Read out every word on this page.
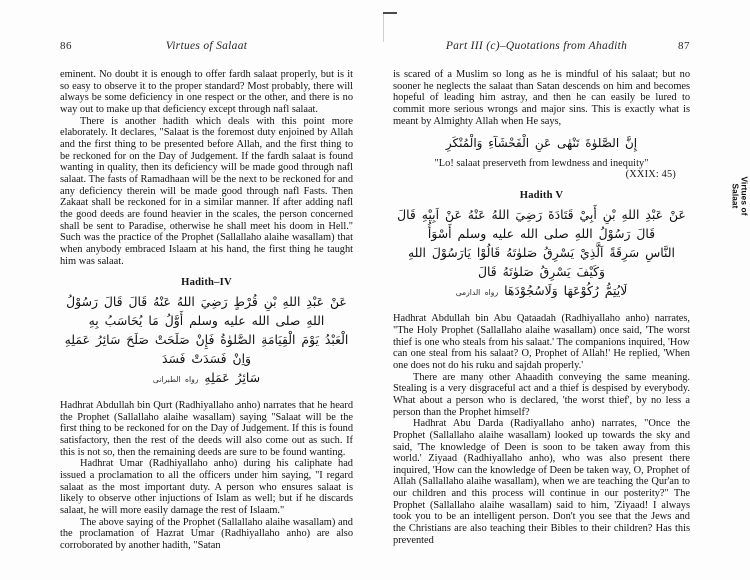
86	Virtues of Salaat

eminent. No doubt it is enough to offer fardh salaat properly, but is it so easy to observe it to the proper standard? Most probably, there will always be some deficiency in one respect or the other, and there is no way out to make up that deficiency except through nafl salaat.

There is another hadith which deals with this point more elaborately. It declares, "Salaat is the foremost duty enjoined by Allah and the first thing to be presented before Allah, and the first thing to be reckoned for on the Day of Judgement. If the fardh salaat is found wanting in quality, then its deficiency will be made good through nafl salaat. The fasts of Ramadhaan will be the next to be reckoned for and any deficiency therein will be made good through nafl Fasts. Then Zakaat shall be reckoned for in a similar manner. If after adding nafl the good deeds are found heavier in the scales, the person concerned shall be sent to Paradise, otherwise he shall meet his doom in Hell." Such was the practice of the Prophet (Sallallaho alaihe wasallam) that when anybody embraced Islaam at his hand, the first thing he taught him was salaat.

Hadith–IV
عَنْ عَبْدِ اللهِ بْنِ قُرْطٍ رَضِيَ اللهُ عَنْهُ قَالَ قَالَ رَسُوْلُ اللهِ صلى الله عليه وسلم أَوَّلُ مَا يُحَاسَبُ بِهِ
الْعَبْدُ يَوْمَ الْقِيَامَةِ الصَّلوٰةُ فَإِنْ صَلَحَتْ صَلَحَ سَائِرُ عَمَلِهِ وَاِنْ فَسَدَتْ فَسَدَ
سَائِرُ عَمَلِهِ رواه الطبرانى

Hadhrat Abdullah bin Qurt (Radhiyallaho anho) narrates that he heard the Prophet (Sallallaho alaihe wasallam) saying "Salaat will be the first thing to be reckoned for on the Day of Judgement. If this is found satisfactory, then the rest of the deeds will also come out as such. If this is not so, then the remaining deeds are sure to be found wanting.

Hadhrat Umar (Radhiyallaho anho) during his caliphate had issued a proclamation to all the officers under him saying, "I regard salaat as the most important duty. A person who ensures salaat is likely to observe other injuctions of Islam as well; but if he discards salaat, he will more easily damage the rest of Islaam."

The above saying of the Prophet (Sallallaho alaihe wasallam) and the proclamation of Hazrat Umar (Radhiyallaho anho) are also corroborated by another hadith, "Satan

Part III (c)–Quotations from Ahadith	87

is scared of a Muslim so long as he is mindful of his salaat; but no sooner he neglects the salaat than Satan descends on him and becomes hopeful of leading him astray, and then he can easily be lured to commit more serious wrongs and major sins. This is exactly what is meant by Almighty Allah when He says,

إِنَّ الصَّلوٰةَ تَنْهٰى عَنِ الْفَحْشَآءِ وَالْمُنْكَرِ
"Lo! salaat preserveth from lewdness and inequity"
(XXIX: 45)
Hadith V
عَنْ عَبْدِ اللهِ بْنِ أَبِيْ قَتَادَةَ رَضِيَ اللهُ عَنْهُ عَنْ اَبِيْهِ قَالَ قَالَ رَسُوْلُ اللهِ صلى الله عليه وسلم أَسْوَأُ
النَّاسِ سَرِقَةً اَلَّذِيْ يَسْرِقُ صَلوٰتَهُ قَالُوْا يَارَسُوْلَ اللهِ وَكَيْفَ يَسْرِقُ صَلوٰتَهُ قَالَ
لَايُتِمُّ رُكُوْعَهَا وَلَاسُجُوْدَهَا رواه الدارمى

Hadhrat Abdullah bin Abu Qataadah (Radhiyallaho anho) narrates, "The Holy Prophet (Sallallaho alaihe wasallam) once said, 'The worst thief is one who steals from his salaat.' The companions inquired, 'How can one steal from his salaat? O, Prophet of Allah!' He replied, 'When one does not do his ruku and sajdah properly.'

There are many other Ahaadith conveying the same meaning. Stealing is a very disgraceful act and a thief is despised by everybody. What about a person who is declared, 'the worst thief', by no less a person than the Prophet himself?

Hadhrat Abu Darda (Radiyallaho anho) narrates, "Once the Prophet (Sallallaho alaihe wasallam) looked up towards the sky and said, 'The knowledge of Deen is soon to be taken away from this world.' Ziyaad (Radhiyallaho anho), who was also present there inquired, 'How can the knowledge of Deen be taken way, O, Prophet of Allah (Sallallaho alaihe wasallam), when we are teaching the Qur'an to our children and this process will continue in our posterity?" The Prophet (Sallallaho alaihe wasallam) said to him, 'Ziyaad! I always took you to be an intelligent person. Don't you see that the Jews and the Christians are also teaching their Bibles to their children? Has this prevented

Virtues of
Salaat
